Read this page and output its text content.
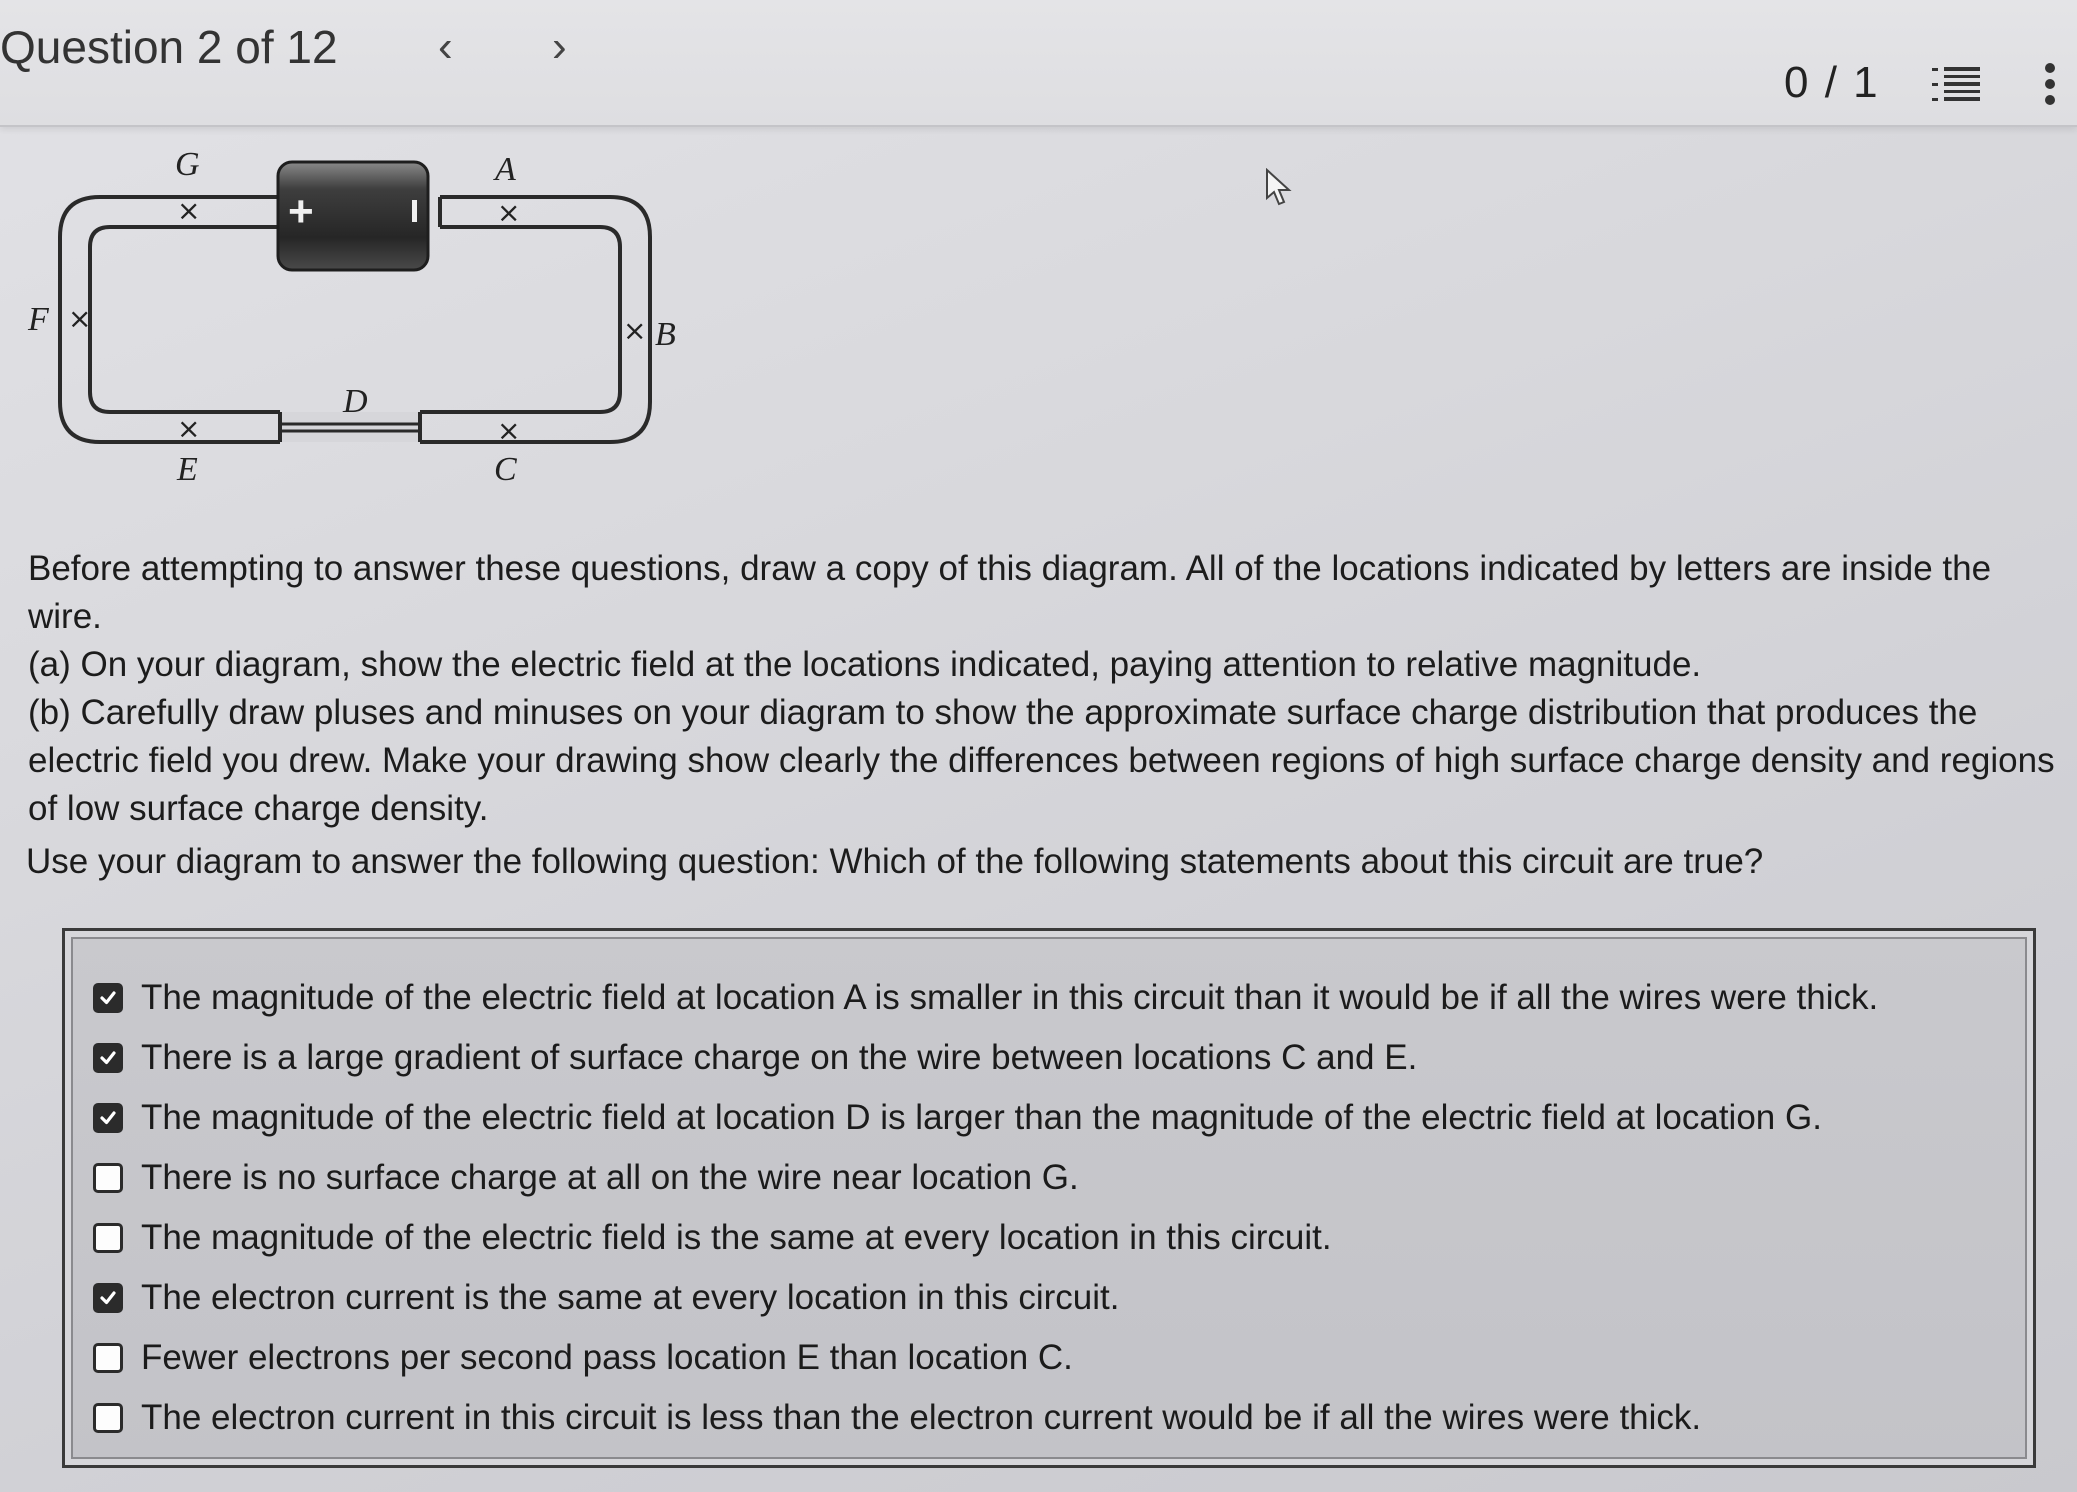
Question 2 of 12 ‹ ›
0 / 1
+
G
×
A
×
F ×	B
×
D
×
E
×
C

Before attempting to answer these questions, draw a copy of this diagram. All of the locations indicated by letters are inside the wire.

(a) On your diagram, show the electric field at the locations indicated, paying attention to relative magnitude.

(b) Carefully draw pluses and minuses on your diagram to show the approximate surface charge distribution that produces the electric field you drew. Make your drawing show clearly the differences between regions of high surface charge density and regions of low surface charge density.

Use your diagram to answer the following question: Which of the following statements about this circuit are true?
The magnitude of the electric field at location A is smaller in this circuit than it would be if all the wires were thick.
There is a large gradient of surface charge on the wire between locations C and E.
The magnitude of the electric field at location D is larger than the magnitude of the electric field at location G.
There is no surface charge at all on the wire near location G.
The magnitude of the electric field is the same at every location in this circuit.
The electron current is the same at every location in this circuit.
Fewer electrons per second pass location E than location C.
The electron current in this circuit is less than the electron current would be if all the wires were thick.
